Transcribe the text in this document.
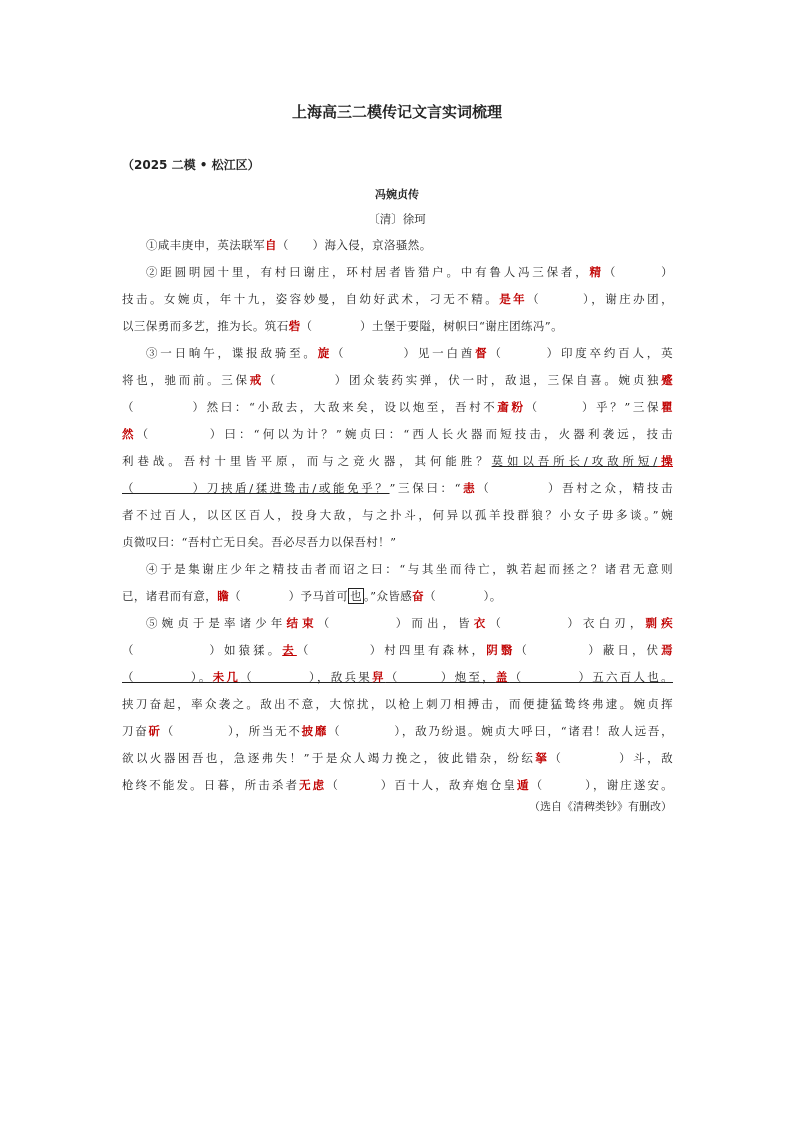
上海高三二模传记文言实词梳理
（2025 二模 • 松江区）
冯婉贞传
〔清〕徐珂
①咸丰庚申，英法联军自（　　）海入侵，京洛骚然。
②距圆明园十里，有村曰谢庄，环村居者皆猎户。中有鲁人冯三保者，精（　　　）
技击。女婉贞，年十九，姿容妙曼，自幼好武术，刁无不精。是年（　　　），谢庄办团，
以三保勇而多艺，推为长。筑石砦（　　　　）土堡于要隘，树帜曰“谢庄团练冯”。
③一日晌午，谍报敌骑至。旋（　　　　）见一白酋督（　　　）印度卒约百人，英
将也，驰而前。三保戒（　　　　）团众装药实弹，伏一时，敌退，三保自喜。婉贞独蹙
（　　　　）然曰：“小敌去，大敌来矣，设以炮至，吾村不齑粉（　　　）乎？”三保瞿
然（　　　　）曰：“何以为计？”婉贞曰：“西人长火器而短技击，火器利袭远，技击
利巷战。吾村十里皆平原，而与之竞火器，其何能胜？莫如以吾所长/攻敌所短/操
（　　　　）刀挟盾/猱进鸷击/或能免乎？”三保曰：“恚（　　　　）吾村之众，精技击
者不过百人，以区区百人，投身大敌，与之扑斗，何异以孤羊投群狼？小女子毋多谈。”婉
贞微叹曰：“吾村亡无日矣。吾必尽吾力以保吾村！”
④于是集谢庄少年之精技击者而诏之曰：“与其坐而待亡，孰若起而拯之？诸君无意则
已，诸君而有意，瞻（　　　　）予马首可 也 。”众皆感奋（　　　　）。
⑤婉贞于是率诸少年结束（　　　　）而出，皆衣（　　　　）衣白刃，剽疾
（　　　　　）如猿猱。去（　　　　）村四里有森林，阴翳（　　　　）蔽日，伏焉
（　　　　）。未几（　　　　），敌兵果舁（　　　）炮至，盖（　　　　）五六百人也。
挟刀奋起，率众袭之。敌出不意，大惊扰，以枪上刺刀相搏击，而便捷猛鸷终弗逮。婉贞挥
刀奋斫（　　　　），所当无不披靡（　　　　），敌乃纷退。婉贞大呼曰，“诸君！敌人远吾，
欲以火器困吾也，急逐弗失！”于是众人竭力挽之，彼此错杂，纷纭拏（　　　　）斗，敌
枪终不能发。日暮，所击杀者无虑（　　　）百十人，敌弃炮仓皇遁（　　　），谢庄遂安。
（选自《清稗类钞》有删改）
